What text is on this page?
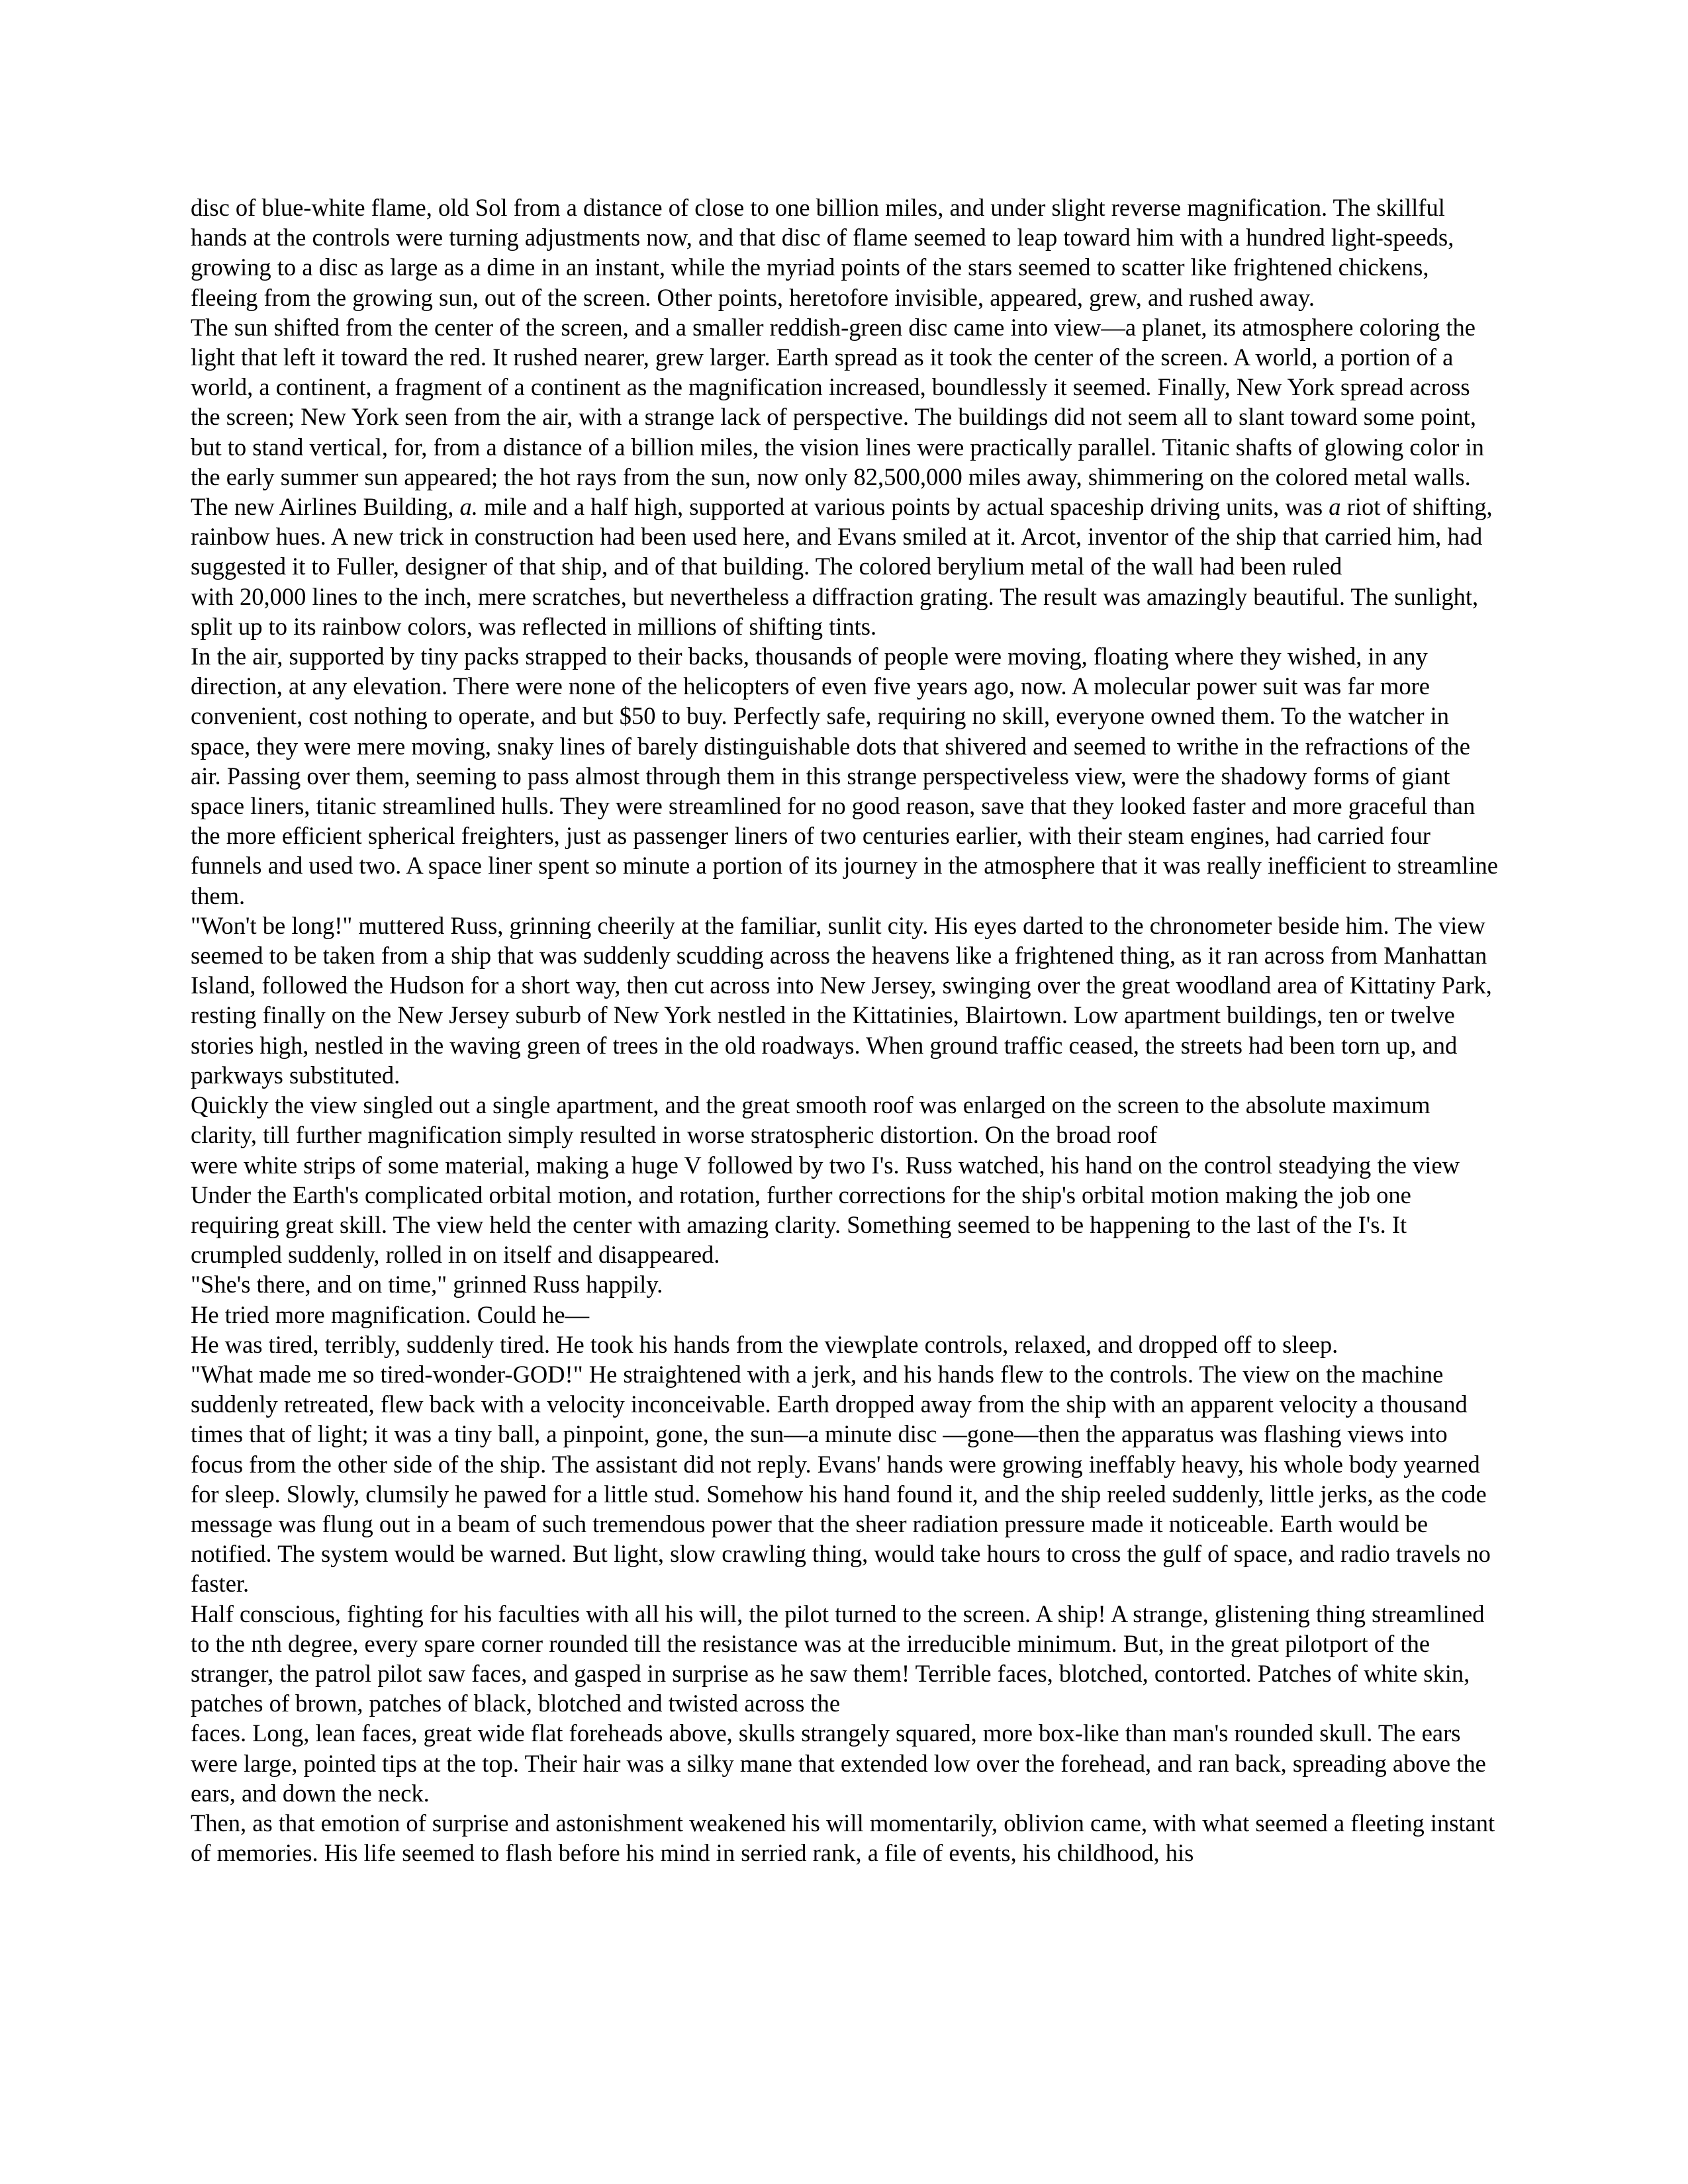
disc of blue-white flame, old Sol from a distance of close to one billion miles, and under slight reverse magnification. The skillful hands at the controls were turning adjustments now, and that disc of flame seemed to leap toward him with a hundred light-speeds, growing to a disc as large as a dime in an instant, while the myriad points of the stars seemed to scatter like frightened chickens, fleeing from the growing sun, out of the screen. Other points, heretofore invisible, appeared, grew, and rushed away.

The sun shifted from the center of the screen, and a smaller reddish-green disc came into view—a planet, its atmosphere coloring the light that left it toward the red. It rushed nearer, grew larger. Earth spread as it took the center of the screen. A world, a portion of a world, a continent, a fragment of a continent as the magnification increased, boundlessly it seemed. Finally, New York spread across the screen; New York seen from the air, with a strange lack of perspective. The buildings did not seem all to slant toward some point, but to stand vertical, for, from a distance of a billion miles, the vision lines were practically parallel. Titanic shafts of glowing color in the early summer sun appeared; the hot rays from the sun, now only 82,500,000 miles away, shimmering on the colored metal walls.

The new Airlines Building, a. mile and a half high, supported at various points by actual spaceship driving units, was a riot of shifting, rainbow hues. A new trick in construction had been used here, and Evans smiled at it. Arcot, inventor of the ship that carried him, had suggested it to Fuller, designer of that ship, and of that building. The colored berylium metal of the wall had been ruled

with 20,000 lines to the inch, mere scratches, but nevertheless a diffraction grating. The result was amazingly beautiful. The sunlight, split up to its rainbow colors, was reflected in millions of shifting tints.

In the air, supported by tiny packs strapped to their backs, thousands of people were moving, floating where they wished, in any direction, at any elevation. There were none of the helicopters of even five years ago, now. A molecular power suit was far more convenient, cost nothing to operate, and but $50 to buy. Perfectly safe, requiring no skill, everyone owned them. To the watcher in space, they were mere moving, snaky lines of barely distinguishable dots that shivered and seemed to writhe in the refractions of the air. Passing over them, seeming to pass almost through them in this strange perspectiveless view, were the shadowy forms of giant space liners, titanic streamlined hulls. They were streamlined for no good reason, save that they looked faster and more graceful than the more efficient spherical freighters, just as passenger liners of two centuries earlier, with their steam engines, had carried four funnels and used two. A space liner spent so minute a portion of its journey in the atmosphere that it was really inefficient to streamline them.

"Won't be long!" muttered Russ, grinning cheerily at the familiar, sunlit city. His eyes darted to the chronometer beside him. The view seemed to be taken from a ship that was suddenly scudding across the heavens like a frightened thing, as it ran across from Manhattan Island, followed the Hudson for a short way, then cut across into New Jersey, swinging over the great woodland area of Kittatiny Park, resting finally on the New Jersey suburb of New York nestled in the Kittatinies, Blairtown. Low apartment buildings, ten or twelve stories high, nestled in the waving green of trees in the old roadways. When ground traffic ceased, the streets had been torn up, and parkways substituted.

Quickly the view singled out a single apartment, and the great smooth roof was enlarged on the screen to the absolute maximum clarity, till further magnification simply resulted in worse stratospheric distortion. On the broad roof

were white strips of some material, making a huge V followed by two I's. Russ watched, his hand on the control steadying the view Under the Earth's complicated orbital motion, and rotation, further corrections for the ship's orbital motion making the job one requiring great skill. The view held the center with amazing clarity. Something seemed to be happening to the last of the I's. It crumpled suddenly, rolled in on itself and disappeared.

"She's there, and on time," grinned Russ happily.

He tried more magnification. Could he—

He was tired, terribly, suddenly tired. He took his hands from the viewplate controls, relaxed, and dropped off to sleep.

"What made me so tired-wonder-GOD!" He straightened with a jerk, and his hands flew to the controls. The view on the machine suddenly retreated, flew back with a velocity inconceivable. Earth dropped away from the ship with an apparent velocity a thousand times that of light; it was a tiny ball, a pinpoint, gone, the sun—a minute disc —gone—then the apparatus was flashing views into focus from the other side of the ship. The assistant did not reply. Evans' hands were growing ineffably heavy, his whole body yearned for sleep. Slowly, clumsily he pawed for a little stud. Somehow his hand found it, and the ship reeled suddenly, little jerks, as the code message was flung out in a beam of such tremendous power that the sheer radiation pressure made it noticeable. Earth would be notified. The system would be warned. But light, slow crawling thing, would take hours to cross the gulf of space, and radio travels no faster.

Half conscious, fighting for his faculties with all his will, the pilot turned to the screen. A ship! A strange, glistening thing streamlined to the nth degree, every spare corner rounded till the resistance was at the irreducible minimum. But, in the great pilotport of the stranger, the patrol pilot saw faces, and gasped in surprise as he saw them! Terrible faces, blotched, contorted. Patches of white skin, patches of brown, patches of black, blotched and twisted across the

faces. Long, lean faces, great wide flat foreheads above, skulls strangely squared, more box-like than man's rounded skull. The ears were large, pointed tips at the top. Their hair was a silky mane that extended low over the forehead, and ran back, spreading above the ears, and down the neck.

Then, as that emotion of surprise and astonishment weakened his will momentarily, oblivion came, with what seemed a fleeting instant of memories. His life seemed to flash before his mind in serried rank, a file of events, his childhood, his
